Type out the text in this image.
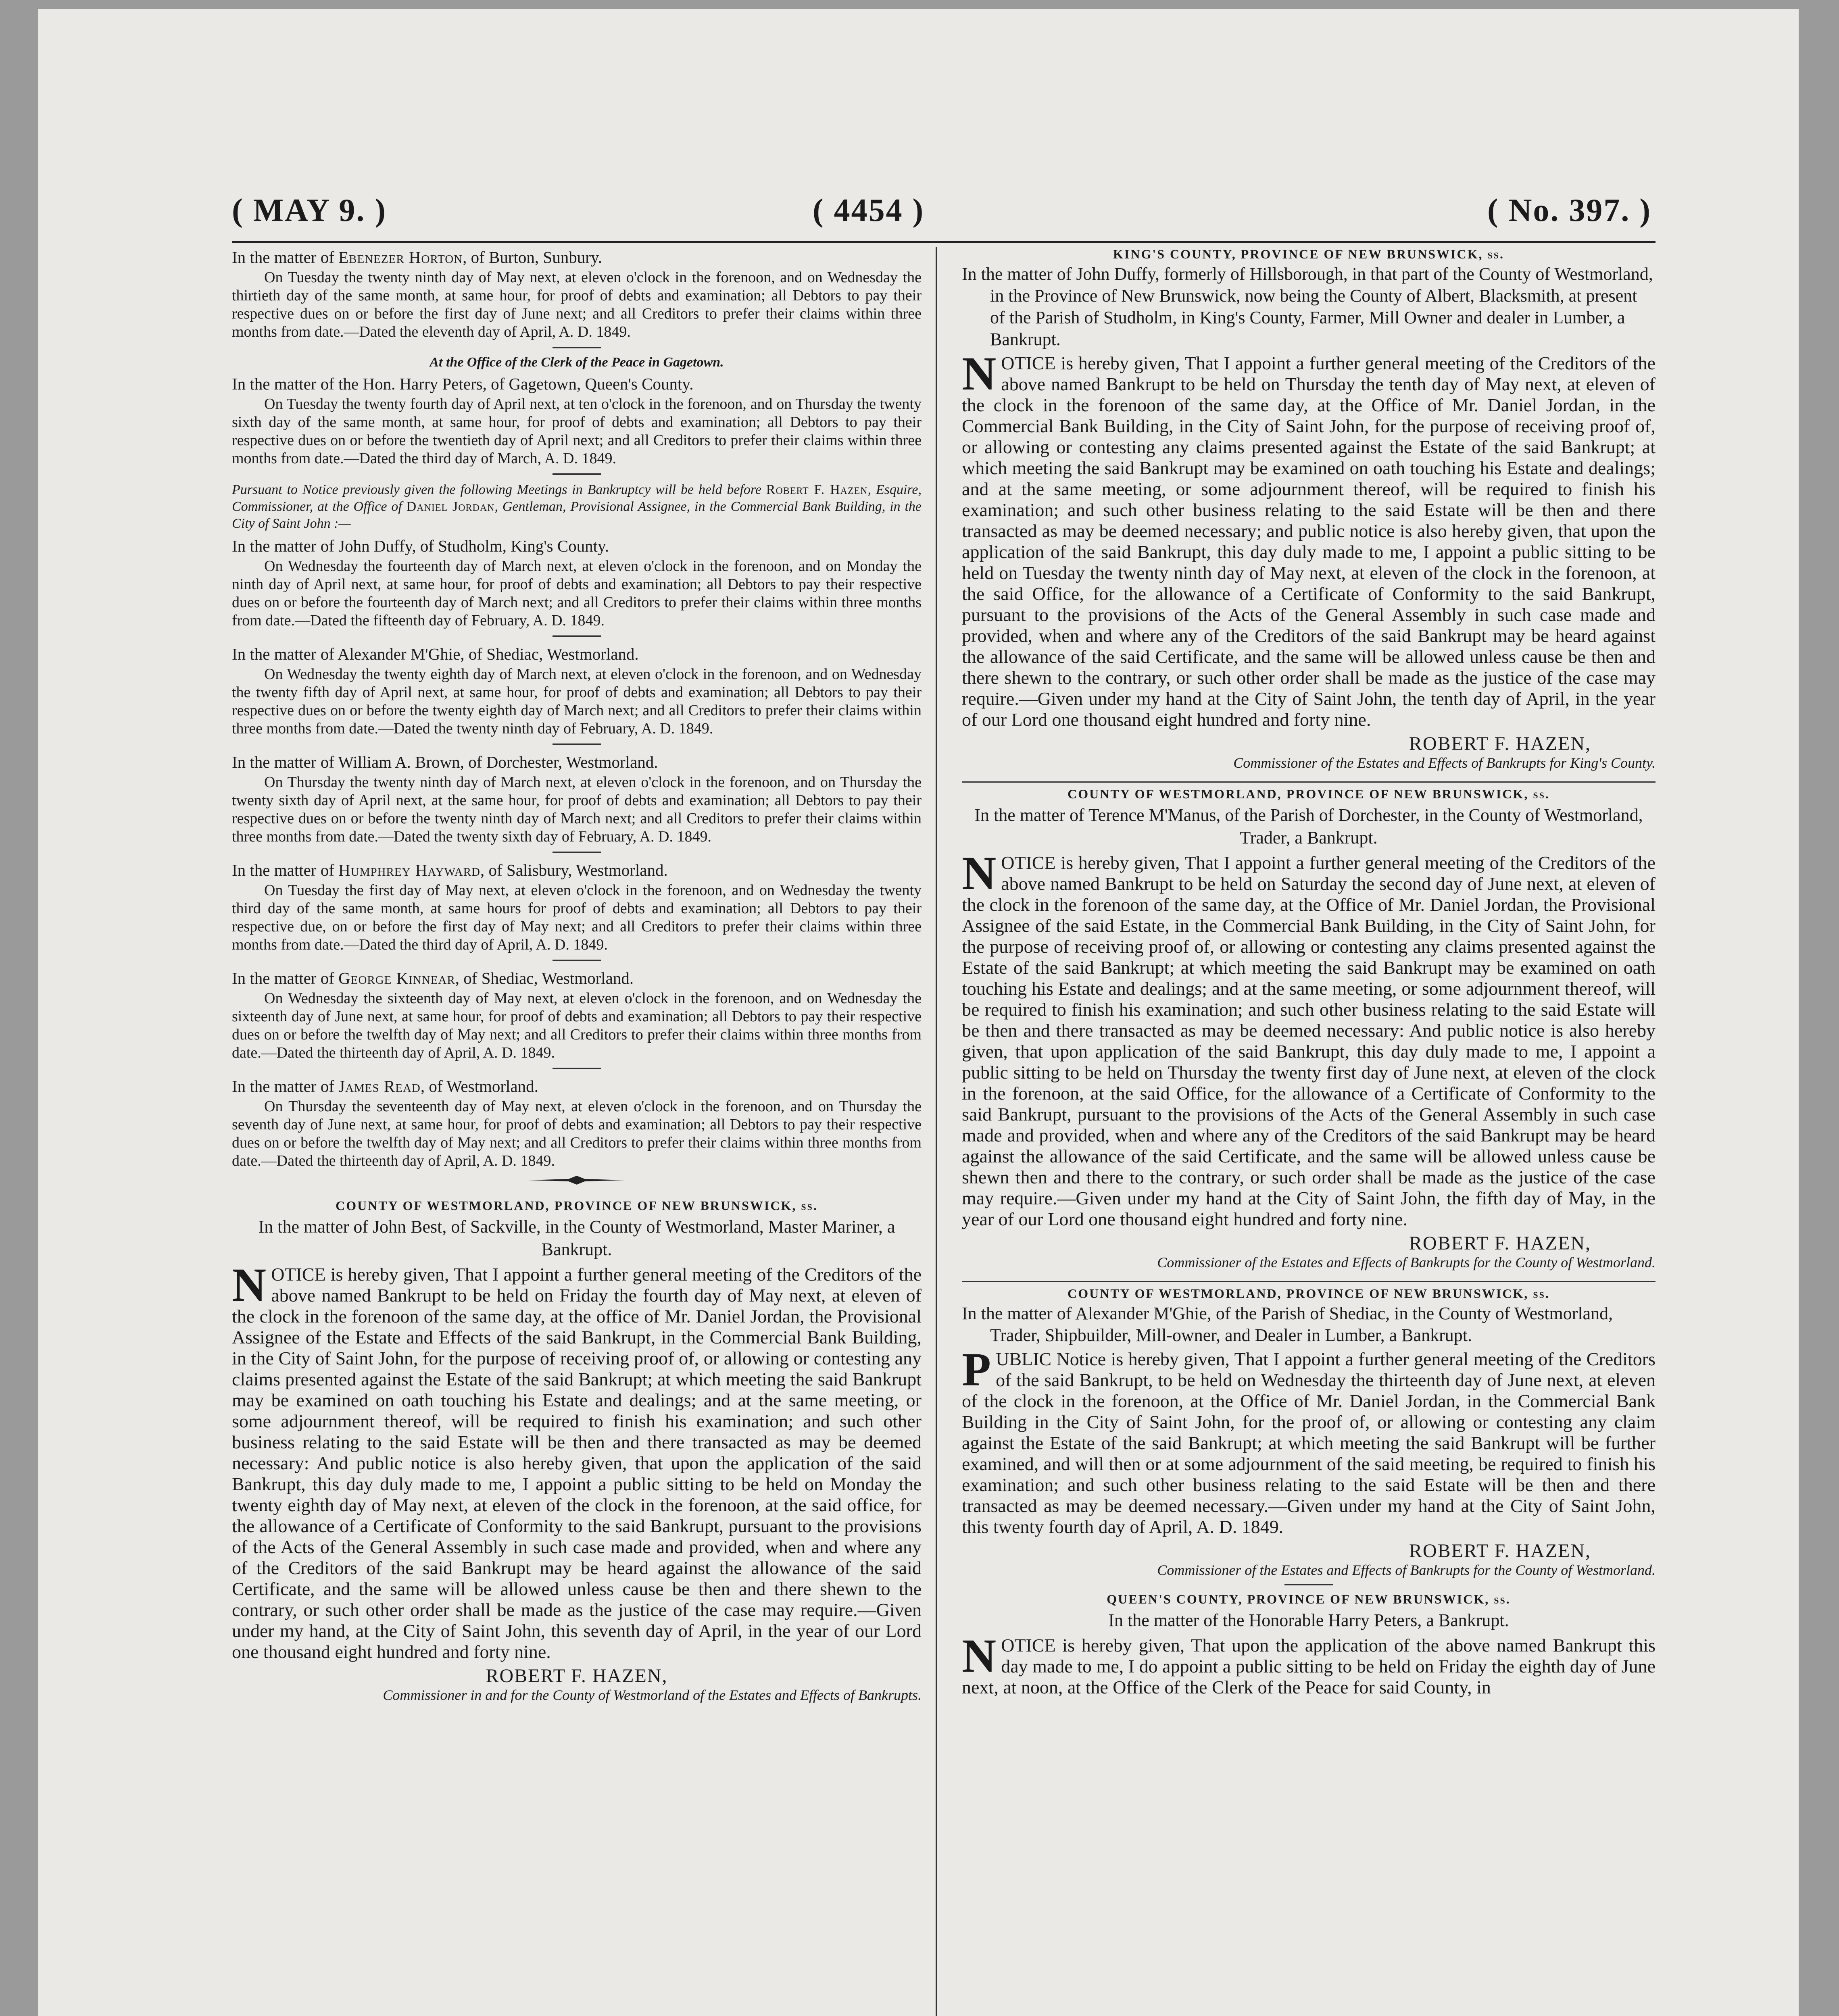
( MAY 9. )	( 4454 )	( No. 397. )

In the matter of Ebenezer Horton, of Burton, Sunbury.

On Tuesday the twenty ninth day of May next, at eleven o'clock in the forenoon, and on Wednesday the thirtieth day of the same month, at same hour, for proof of debts and examination; all Debtors to pay their respective dues on or before the first day of June next; and all Creditors to prefer their claims within three months from date.—Dated the eleventh day of April, A. D. 1849.

At the Office of the Clerk of the Peace in Gagetown.

In the matter of the Hon. Harry Peters, of Gagetown, Queen's County.

On Tuesday the twenty fourth day of April next, at ten o'clock in the forenoon, and on Thursday the twenty sixth day of the same month, at same hour, for proof of debts and examination; all Debtors to pay their respective dues on or before the twentieth day of April next; and all Creditors to prefer their claims within three months from date.—Dated the third day of March, A. D. 1849.

Pursuant to Notice previously given the following Meetings in Bankruptcy will be held before Robert F. Hazen, Esquire, Commissioner, at the Office of Daniel Jordan, Gentleman, Provisional Assignee, in the Commercial Bank Building, in the City of Saint John :—

In the matter of John Duffy, of Studholm, King's County.

On Wednesday the fourteenth day of March next, at eleven o'clock in the forenoon, and on Monday the ninth day of April next, at same hour, for proof of debts and examination; all Debtors to pay their respective dues on or before the fourteenth day of March next; and all Creditors to prefer their claims within three months from date.—Dated the fifteenth day of February, A. D. 1849.

In the matter of Alexander M'Ghie, of Shediac, Westmorland.

On Wednesday the twenty eighth day of March next, at eleven o'clock in the forenoon, and on Wednesday the twenty fifth day of April next, at same hour, for proof of debts and examination; all Debtors to pay their respective dues on or before the twenty eighth day of March next; and all Creditors to prefer their claims within three months from date.—Dated the twenty ninth day of February, A. D. 1849.

In the matter of William A. Brown, of Dorchester, Westmorland.

On Thursday the twenty ninth day of March next, at eleven o'clock in the forenoon, and on Thursday the twenty sixth day of April next, at the same hour, for proof of debts and examination; all Debtors to pay their respective dues on or before the twenty ninth day of March next; and all Creditors to prefer their claims within three months from date.—Dated the twenty sixth day of February, A. D. 1849.

In the matter of Humphrey Hayward, of Salisbury, Westmorland.

On Tuesday the first day of May next, at eleven o'clock in the forenoon, and on Wednesday the twenty third day of the same month, at same hours for proof of debts and examination; all Debtors to pay their respective due, on or before the first day of May next; and all Creditors to prefer their claims within three months from date.—Dated the third day of April, A. D. 1849.

In the matter of George Kinnear, of Shediac, Westmorland.

On Wednesday the sixteenth day of May next, at eleven o'clock in the forenoon, and on Wednesday the sixteenth day of June next, at same hour, for proof of debts and examination; all Debtors to pay their respective dues on or before the twelfth day of May next; and all Creditors to prefer their claims within three months from date.—Dated the thirteenth day of April, A. D. 1849.

In the matter of James Read, of Westmorland.

On Thursday the seventeenth day of May next, at eleven o'clock in the forenoon, and on Thursday the seventh day of June next, at same hour, for proof of debts and examination; all Debtors to pay their respective dues on or before the twelfth day of May next; and all Creditors to prefer their claims within three months from date.—Dated the thirteenth day of April, A. D. 1849.

COUNTY OF WESTMORLAND, PROVINCE OF NEW BRUNSWICK, ss.

In the matter of John Best, of Sackville, in the County of Westmorland, Master Mariner, a Bankrupt.

NOTICE is hereby given, That I appoint a further general meeting of the Creditors of the above named Bankrupt to be held on Friday the fourth day of May next, at eleven of the clock in the forenoon of the same day, at the office of Mr. Daniel Jordan, the Provisional Assignee of the Estate and Effects of the said Bankrupt, in the Commercial Bank Building, in the City of Saint John, for the purpose of receiving proof of, or allowing or contesting any claims presented against the Estate of the said Bankrupt; at which meeting the said Bankrupt may be examined on oath touching his Estate and dealings; and at the same meeting, or some adjournment thereof, will be required to finish his examination; and such other business relating to the said Estate will be then and there transacted as may be deemed necessary: And public notice is also hereby given, that upon the application of the said Bankrupt, this day duly made to me, I appoint a public sitting to be held on Monday the twenty eighth day of May next, at eleven of the clock in the forenoon, at the said office, for the allowance of a Certificate of Conformity to the said Bankrupt, pursuant to the provisions of the Acts of the General Assembly in such case made and provided, when and where any of the Creditors of the said Bankrupt may be heard against the allowance of the said Certificate, and the same will be allowed unless cause be then and there shewn to the contrary, or such other order shall be made as the justice of the case may require.—Given under my hand, at the City of Saint John, this seventh day of April, in the year of our Lord one thousand eight hundred and forty nine.

ROBERT F. HAZEN,

Commissioner in and for the County of Westmorland of the Estates and Effects of Bankrupts.

KING'S COUNTY, PROVINCE OF NEW BRUNSWICK, ss.

In the matter of John Duffy, formerly of Hillsborough, in that part of the County of Westmorland, in the Province of New Brunswick, now being the County of Albert, Blacksmith, at present of the Parish of Studholm, in King's County, Farmer, Mill Owner and dealer in Lumber, a Bankrupt.

NOTICE is hereby given, That I appoint a further general meeting of the Creditors of the above named Bankrupt to be held on Thursday the tenth day of May next, at eleven of the clock in the forenoon of the same day, at the Office of Mr. Daniel Jordan, in the Commercial Bank Building, in the City of Saint John, for the purpose of receiving proof of, or allowing or contesting any claims presented against the Estate of the said Bankrupt; at which meeting the said Bankrupt may be examined on oath touching his Estate and dealings; and at the same meeting, or some adjournment thereof, will be required to finish his examination; and such other business relating to the said Estate will be then and there transacted as may be deemed necessary; and public notice is also hereby given, that upon the application of the said Bankrupt, this day duly made to me, I appoint a public sitting to be held on Tuesday the twenty ninth day of May next, at eleven of the clock in the forenoon, at the said Office, for the allowance of a Certificate of Conformity to the said Bankrupt, pursuant to the provisions of the Acts of the General Assembly in such case made and provided, when and where any of the Creditors of the said Bankrupt may be heard against the allowance of the said Certificate, and the same will be allowed unless cause be then and there shewn to the contrary, or such other order shall be made as the justice of the case may require.—Given under my hand at the City of Saint John, the tenth day of April, in the year of our Lord one thousand eight hundred and forty nine.

ROBERT F. HAZEN,

Commissioner of the Estates and Effects of Bankrupts for King's County.

COUNTY OF WESTMORLAND, PROVINCE OF NEW BRUNSWICK, ss.

In the matter of Terence M'Manus, of the Parish of Dorchester, in the County of Westmorland, Trader, a Bankrupt.

NOTICE is hereby given, That I appoint a further general meeting of the Creditors of the above named Bankrupt to be held on Saturday the second day of June next, at eleven of the clock in the forenoon of the same day, at the Office of Mr. Daniel Jordan, the Provisional Assignee of the said Estate, in the Commercial Bank Building, in the City of Saint John, for the purpose of receiving proof of, or allowing or contesting any claims presented against the Estate of the said Bankrupt; at which meeting the said Bankrupt may be examined on oath touching his Estate and dealings; and at the same meeting, or some adjournment thereof, will be required to finish his examination; and such other business relating to the said Estate will be then and there transacted as may be deemed necessary: And public notice is also hereby given, that upon application of the said Bankrupt, this day duly made to me, I appoint a public sitting to be held on Thursday the twenty first day of June next, at eleven of the clock in the forenoon, at the said Office, for the allowance of a Certificate of Conformity to the said Bankrupt, pursuant to the provisions of the Acts of the General Assembly in such case made and provided, when and where any of the Creditors of the said Bankrupt may be heard against the allowance of the said Certificate, and the same will be allowed unless cause be shewn then and there to the contrary, or such order shall be made as the justice of the case may require.—Given under my hand at the City of Saint John, the fifth day of May, in the year of our Lord one thousand eight hundred and forty nine.

ROBERT F. HAZEN,

Commissioner of the Estates and Effects of Bankrupts for the County of Westmorland.

COUNTY OF WESTMORLAND, PROVINCE OF NEW BRUNSWICK, ss.

In the matter of Alexander M'Ghie, of the Parish of Shediac, in the County of Westmorland, Trader, Shipbuilder, Mill-owner, and Dealer in Lumber, a Bankrupt.

PUBLIC Notice is hereby given, That I appoint a further general meeting of the Creditors of the said Bankrupt, to be held on Wednesday the thirteenth day of June next, at eleven of the clock in the forenoon, at the Office of Mr. Daniel Jordan, in the Commercial Bank Building in the City of Saint John, for the proof of, or allowing or contesting any claim against the Estate of the said Bankrupt; at which meeting the said Bankrupt will be further examined, and will then or at some adjournment of the said meeting, be required to finish his examination; and such other business relating to the said Estate will be then and there transacted as may be deemed necessary.—Given under my hand at the City of Saint John, this twenty fourth day of April, A. D. 1849.

ROBERT F. HAZEN,

Commissioner of the Estates and Effects of Bankrupts for the County of Westmorland.

QUEEN'S COUNTY, PROVINCE OF NEW BRUNSWICK, ss.

In the matter of the Honorable Harry Peters, a Bankrupt.

NOTICE is hereby given, That upon the application of the above named Bankrupt this day made to me, I do appoint a public sitting to be held on Friday the eighth day of June next, at noon, at the Office of the Clerk of the Peace for said County, in
